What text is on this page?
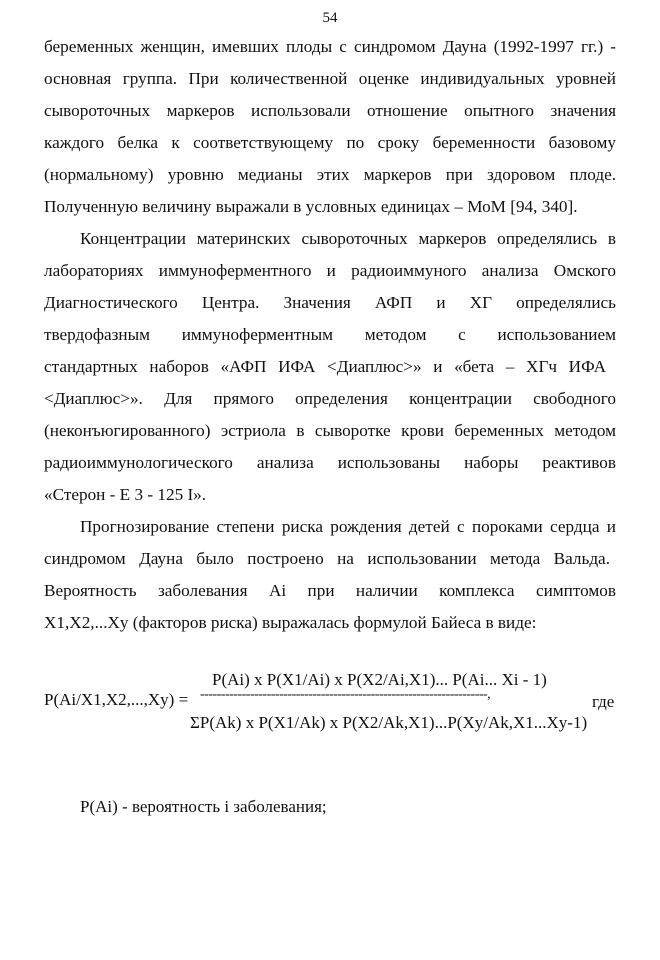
54
беременных женщин, имевших плоды с синдромом Дауна (1992-1997 гг.) -
основная группа. При количественной оценке индивидуальных уровней
сывороточных маркеров использовали отношение опытного значения
каждого белка к соответствующему по сроку беременности базовому
(нормальному) уровню медианы этих маркеров при здоровом плоде.
Полученную величину выражали в условных единицах – МоМ [94, 340].
Концентрации материнских сывороточных маркеров определялись в
лабораториях иммуноферментного и радиоиммуного анализа Омского
Диагностического Центра. Значения АФП и ХГ определялись
твердофазным иммуноферментным методом с использованием
стандартных наборов «АФП ИФА <Диаплюс>» и «бета – ХГч ИФА
<Диаплюс>». Для прямого определения концентрации свободного
(неконъюгированного) эстриола в сыворотке крови беременных методом
радиоиммунологического анализа использованы наборы реактивов
«Стерон - Е 3 - 125 I».
Прогнозирование степени риска рождения детей с пороками сердца и
синдромом Дауна было построено на использовании метода Вальда.
Вероятность заболевания Ai при наличии комплекса симптомов
X1,X2,...Xy (факторов риска) выражалась формулой Байеса в виде:
P(Ai) x P(X1/Ai) x P(X2/Ai,X1)... P(Ai... Xi - 1)
P(Ai/X1,X2,...,Xy) = ---------------------------------------------------------------------,	где
ΣP(Ak) x P(X1/Ak) x P(X2/Ak,X1)...P(Xy/Ak,X1...Xy-1)
P(Ai) - вероятность i заболевания;
